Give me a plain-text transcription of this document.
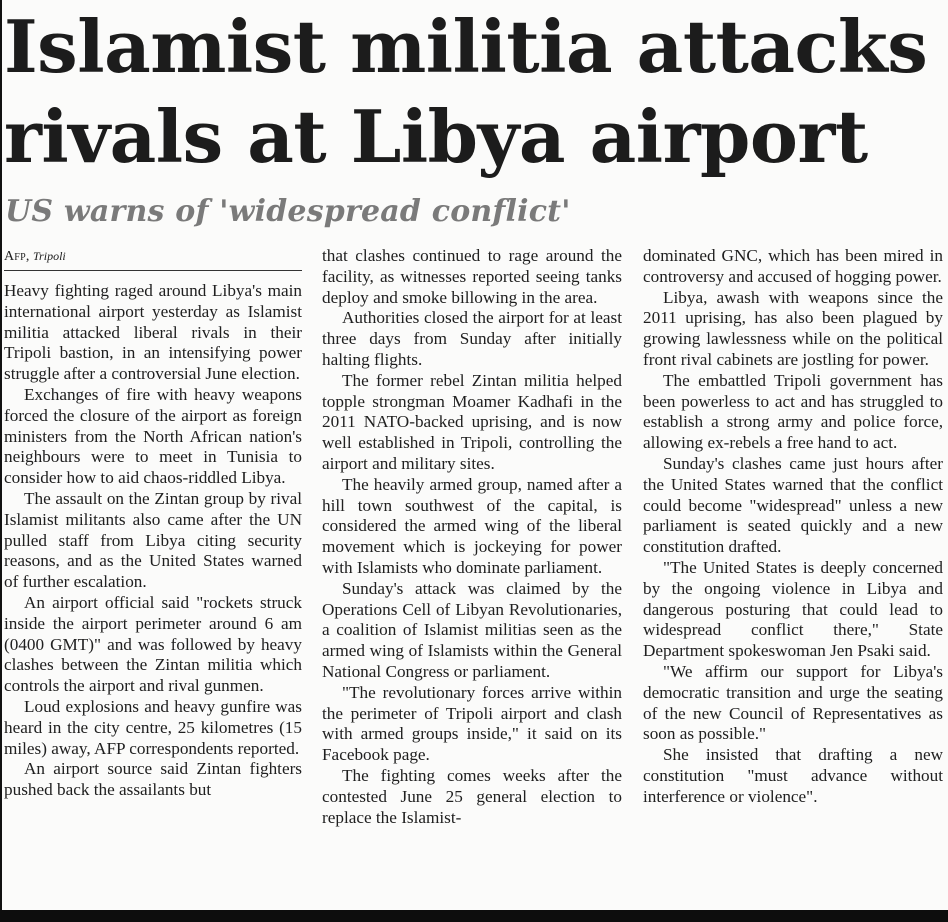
Islamist militia attacks rivals at Libya airport
US warns of 'widespread conflict'
Afp, Tripoli

Heavy fighting raged around Libya's main international airport yesterday as Islamist militia attacked liberal rivals in their Tripoli bastion, in an intensifying power struggle after a controversial June election.

Exchanges of fire with heavy weapons forced the closure of the airport as foreign ministers from the North African nation's neighbours were to meet in Tunisia to consider how to aid chaos-riddled Libya.

The assault on the Zintan group by rival Islamist militants also came after the UN pulled staff from Libya citing security reasons, and as the United States warned of further escalation.

An airport official said "rockets struck inside the airport perimeter around 6 am (0400 GMT)" and was followed by heavy clashes between the Zintan militia which controls the airport and rival gunmen.

Loud explosions and heavy gunfire was heard in the city centre, 25 kilometres (15 miles) away, AFP correspondents reported.

An airport source said Zintan fighters pushed back the assailants but

that clashes continued to rage around the facility, as witnesses reported seeing tanks deploy and smoke billowing in the area.

Authorities closed the airport for at least three days from Sunday after initially halting flights.

The former rebel Zintan militia helped topple strongman Moamer Kadhafi in the 2011 NATO-backed uprising, and is now well established in Tripoli, controlling the airport and military sites.

The heavily armed group, named after a hill town southwest of the capital, is considered the armed wing of the liberal movement which is jockeying for power with Islamists who dominate parliament.

Sunday's attack was claimed by the Operations Cell of Libyan Revolutionaries, a coalition of Islamist militias seen as the armed wing of Islamists within the General National Congress or parliament.

"The revolutionary forces arrive within the perimeter of Tripoli airport and clash with armed groups inside," it said on its Facebook page.

The fighting comes weeks after the contested June 25 general election to replace the Islamist-

dominated GNC, which has been mired in controversy and accused of hogging power.

Libya, awash with weapons since the 2011 uprising, has also been plagued by growing lawlessness while on the political front rival cabinets are jostling for power.

The embattled Tripoli government has been powerless to act and has struggled to establish a strong army and police force, allowing ex-rebels a free hand to act.

Sunday's clashes came just hours after the United States warned that the conflict could become "widespread" unless a new parliament is seated quickly and a new constitution drafted.

"The United States is deeply concerned by the ongoing violence in Libya and dangerous posturing that could lead to widespread conflict there," State Department spokeswoman Jen Psaki said.

"We affirm our support for Libya's democratic transition and urge the seating of the new Council of Representatives as soon as possible."

She insisted that drafting a new constitution "must advance without interference or violence".
